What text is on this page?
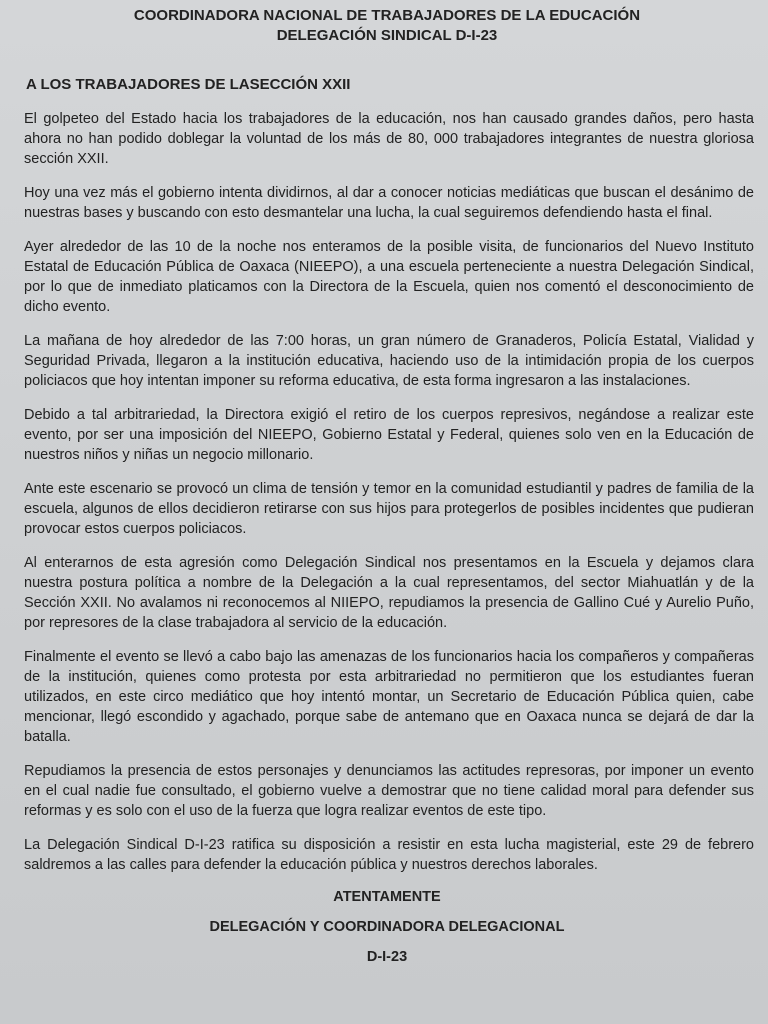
COORDINADORA NACIONAL DE TRABAJADORES DE LA EDUCACIÓN
DELEGACIÓN SINDICAL D-I-23
A LOS TRABAJADORES DE LASECCIÓN XXII

El golpeteo del Estado hacia los trabajadores de la educación, nos han causado grandes daños, pero hasta ahora no han podido doblegar la voluntad de los más de 80, 000 trabajadores integrantes de nuestra gloriosa sección XXII.

Hoy una vez más el gobierno intenta dividirnos, al dar a conocer noticias mediáticas que buscan el desánimo de nuestras bases y buscando con esto desmantelar una lucha, la cual seguiremos defendiendo hasta el final.

Ayer alrededor de las 10 de la noche nos enteramos de la posible visita, de funcionarios del Nuevo Instituto Estatal de Educación Pública de Oaxaca (NIEEPO), a una escuela perteneciente a nuestra Delegación Sindical, por lo que de inmediato platicamos con la Directora de la Escuela, quien nos comentó el desconocimiento de dicho evento.

La mañana de hoy alrededor de las 7:00 horas, un gran número de Granaderos, Policía Estatal, Vialidad y Seguridad Privada, llegaron a la institución educativa, haciendo uso de la intimidación propia de los cuerpos policiacos que hoy intentan imponer su reforma educativa, de esta forma ingresaron a las instalaciones.

Debido a tal arbitrariedad, la Directora exigió el retiro de los cuerpos represivos, negándose a realizar este evento, por ser una imposición del NIEEPO, Gobierno Estatal y Federal, quienes solo ven en la Educación de nuestros niños y niñas un negocio millonario.

Ante este escenario se provocó un clima de tensión y temor en la comunidad estudiantil y padres de familia de la escuela, algunos de ellos decidieron retirarse con sus hijos para protegerlos de posibles incidentes que pudieran provocar estos cuerpos policiacos.

Al enterarnos de esta agresión como Delegación Sindical nos presentamos en la Escuela y dejamos clara nuestra postura política a nombre de la Delegación a la cual representamos, del sector Miahuatlán y de la Sección XXII. No avalamos ni reconocemos al NIIEPO, repudiamos la presencia de Gallino Cué y Aurelio Puño, por represores de la clase trabajadora al servicio de la educación.

Finalmente el evento se llevó a cabo bajo las amenazas de los funcionarios hacia los compañeros y compañeras de la institución, quienes como protesta por esta arbitrariedad no permitieron que los estudiantes fueran utilizados, en este circo mediático que hoy intentó montar, un Secretario de Educación Pública quien, cabe mencionar, llegó escondido y agachado, porque sabe de antemano que en Oaxaca nunca se dejará de dar la batalla.

Repudiamos la presencia de estos personajes y denunciamos las actitudes represoras, por imponer un evento en el cual nadie fue consultado, el gobierno vuelve a demostrar que no tiene calidad moral para defender sus reformas y es solo con el uso de la fuerza que logra realizar eventos de este tipo.

La Delegación Sindical D-I-23 ratifica su disposición a resistir en esta lucha magisterial, este 29 de febrero saldremos a las calles para defender la educación pública y nuestros derechos laborales.

ATENTAMENTE
DELEGACIÓN Y COORDINADORA DELEGACIONAL
D-I-23
